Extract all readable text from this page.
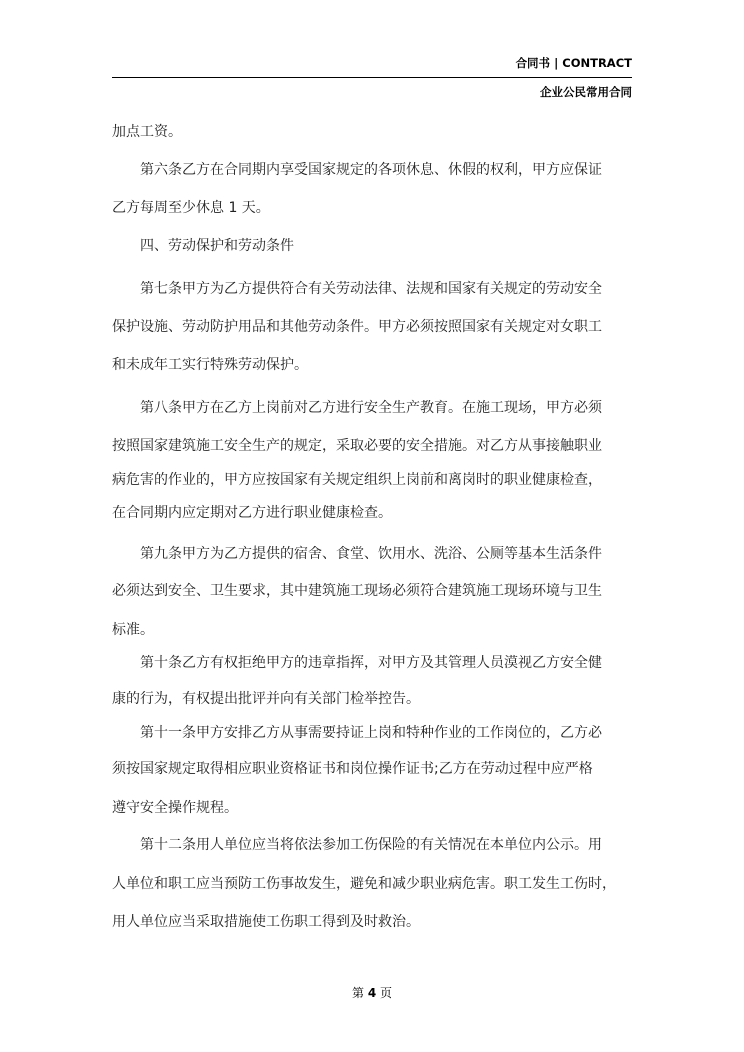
合同书 | CONTRACT
企业公民常用合同
加点工资。
第六条乙方在合同期内享受国家规定的各项休息、休假的权利，甲方应保证
乙方每周至少休息 1 天。
四、劳动保护和劳动条件
第七条甲方为乙方提供符合有关劳动法律、法规和国家有关规定的劳动安全
保护设施、劳动防护用品和其他劳动条件。甲方必须按照国家有关规定对女职工
和未成年工实行特殊劳动保护。
第八条甲方在乙方上岗前对乙方进行安全生产教育。在施工现场，甲方必须
按照国家建筑施工安全生产的规定，采取必要的安全措施。对乙方从事接触职业
病危害的作业的，甲方应按国家有关规定组织上岗前和离岗时的职业健康检查，
在合同期内应定期对乙方进行职业健康检查。
第九条甲方为乙方提供的宿舍、食堂、饮用水、洗浴、公厕等基本生活条件
必须达到安全、卫生要求，其中建筑施工现场必须符合建筑施工现场环境与卫生
标准。
第十条乙方有权拒绝甲方的违章指挥，对甲方及其管理人员漠视乙方安全健
康的行为，有权提出批评并向有关部门检举控告。
第十一条甲方安排乙方从事需要持证上岗和特种作业的工作岗位的，乙方必
须按国家规定取得相应职业资格证书和岗位操作证书;乙方在劳动过程中应严格
遵守安全操作规程。
第十二条用人单位应当将依法参加工伤保险的有关情况在本单位内公示。用
人单位和职工应当预防工伤事故发生，避免和减少职业病危害。职工发生工伤时，
用人单位应当采取措施使工伤职工得到及时救治。
第 4 页
